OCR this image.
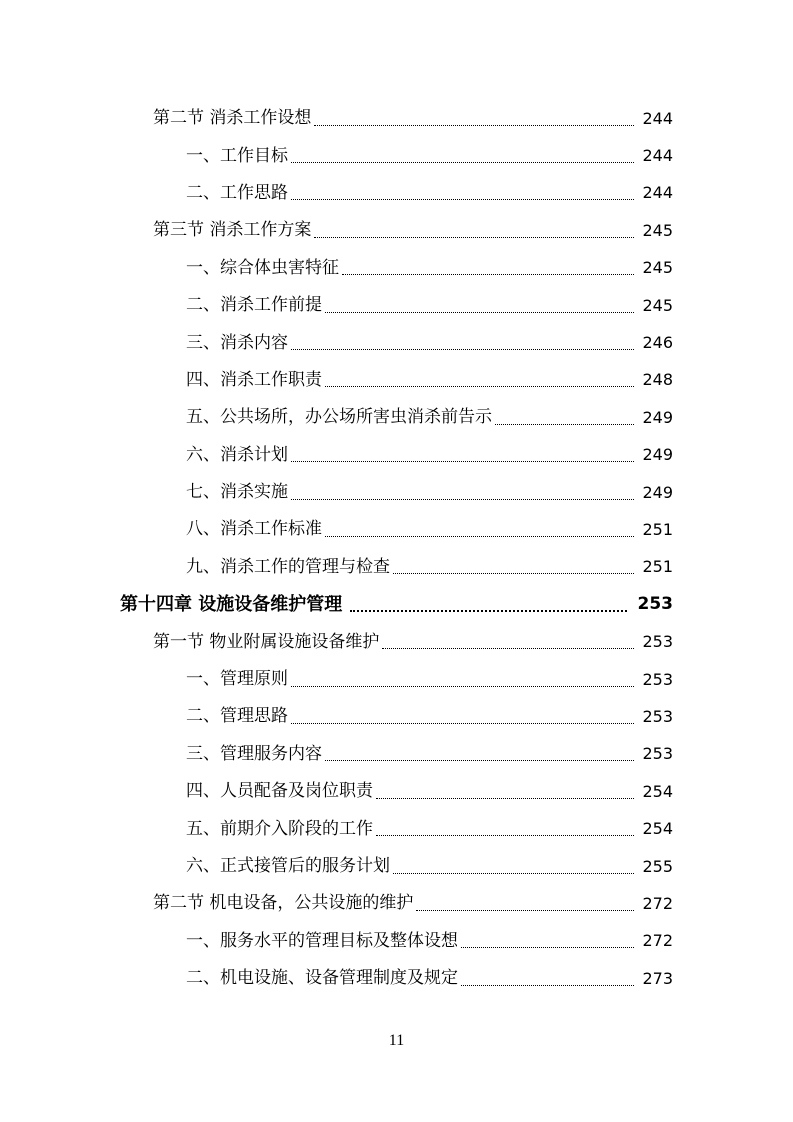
第二节 消杀工作设想	244
一、工作目标	244
二、工作思路	244
第三节 消杀工作方案	245
一、综合体虫害特征	245
二、消杀工作前提	245
三、消杀内容	246
四、消杀工作职责	248
五、公共场所，办公场所害虫消杀前告示	249
六、消杀计划	249
七、消杀实施	249
八、消杀工作标准	251
九、消杀工作的管理与检查	251
第十四章 设施设备维护管理	253
第一节 物业附属设施设备维护	253
一、管理原则	253
二、管理思路	253
三、管理服务内容	253
四、人员配备及岗位职责	254
五、前期介入阶段的工作	254
六、正式接管后的服务计划	255
第二节 机电设备，公共设施的维护	272
一、服务水平的管理目标及整体设想	272
二、机电设施、设备管理制度及规定	273
11
